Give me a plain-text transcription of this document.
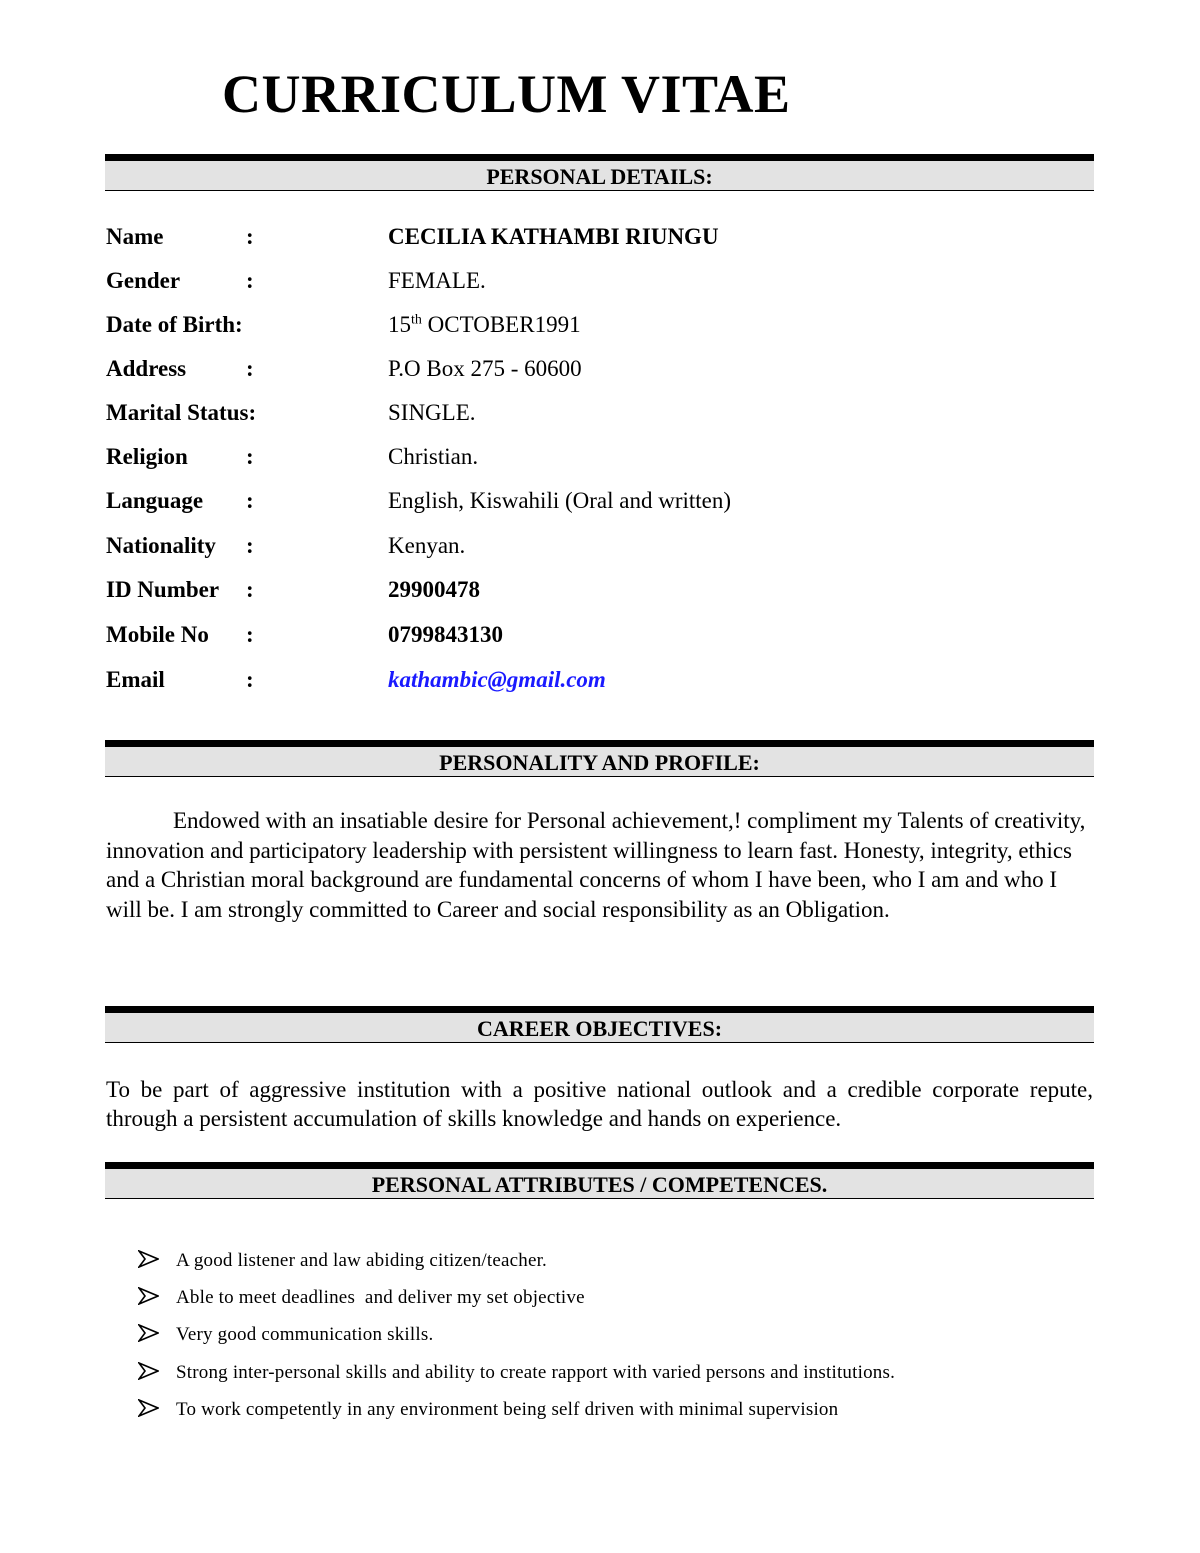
CURRICULUM VITAE
PERSONAL DETAILS:
Name	:	CECILIA KATHAMBI RIUNGU
Gender	:	FEMALE.
Date of Birth:	15th OCTOBER1991
Address	:	P.O Box 275 - 60600
Marital Status:	SINGLE.
Religion	:	Christian.
Language :	English, Kiswahili (Oral and written)
Nationality :	Kenyan.
ID Number :	29900478
Mobile No :	0799843130
Email	:	kathambic@gmail.com
PERSONALITY AND PROFILE:

Endowed with an insatiable desire for Personal achievement,! compliment my Talents of creativity, innovation and participatory leadership with persistent willingness to learn fast. Honesty, integrity, ethics and a Christian moral background are fundamental concerns of whom I have been, who I am and who I will be. I am strongly committed to Career and social responsibility as an Obligation.

CAREER OBJECTIVES:

To be part of aggressive institution with a positive national outlook and a credible corporate repute, through a persistent accumulation of skills knowledge and hands on experience.

PERSONAL ATTRIBUTES / COMPETENCES.
A good listener and law abiding citizen/teacher.
Able to meet deadlines  and deliver my set objective
Very good communication skills.
Strong inter-personal skills and ability to create rapport with varied persons and institutions.
To work competently in any environment being self driven with minimal supervision
